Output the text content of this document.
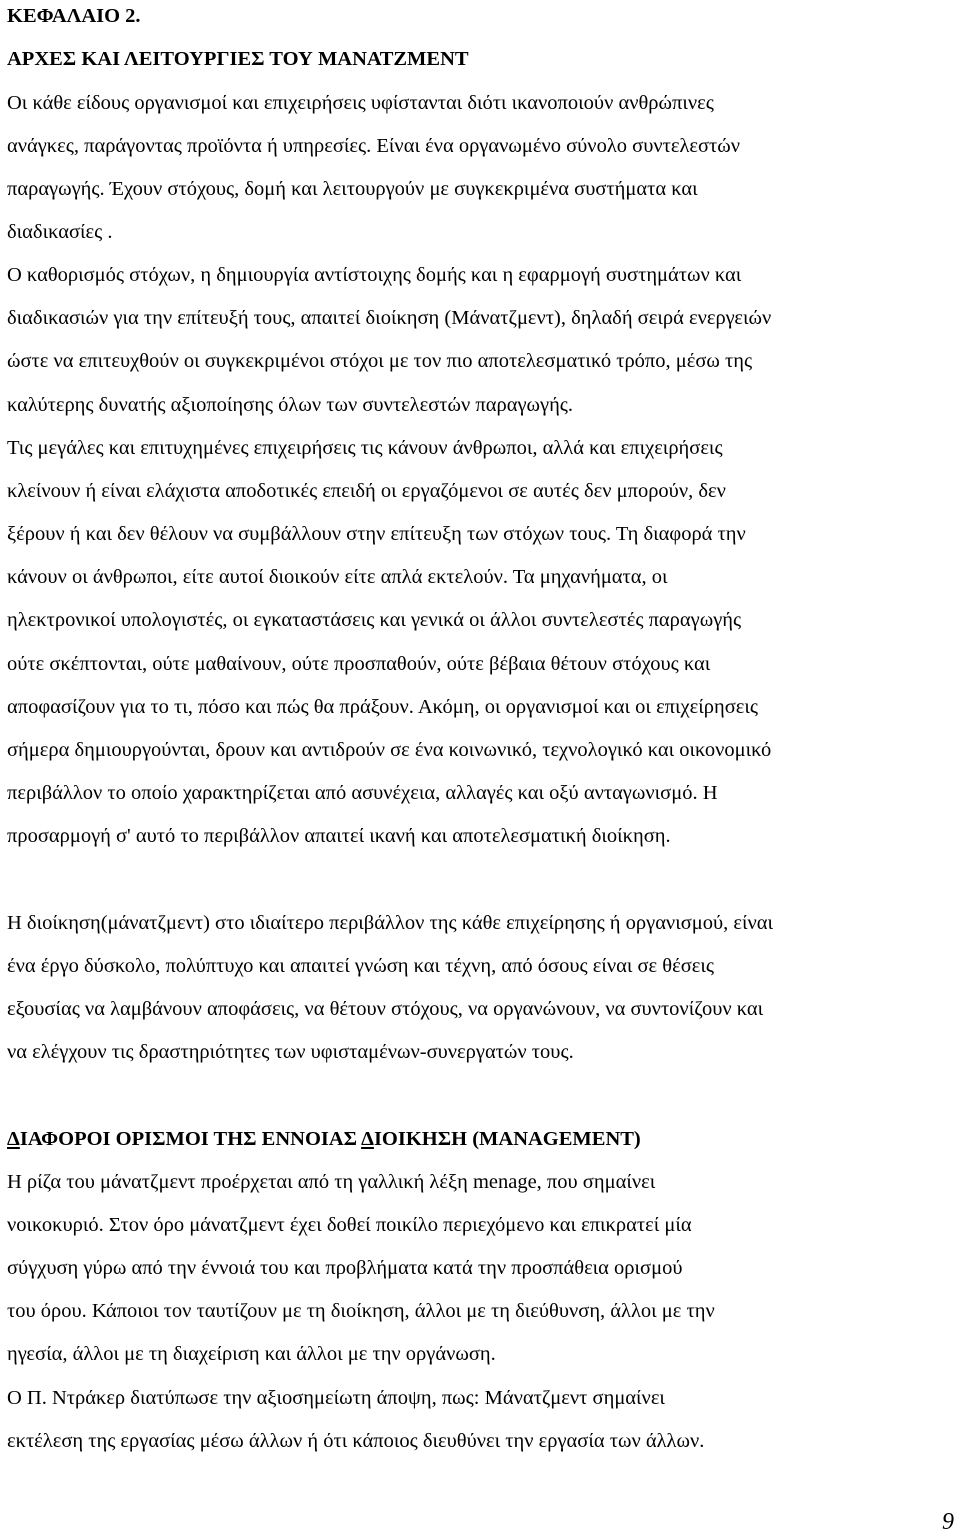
ΚΕΦΑΛΑΙΟ 2.
ΑΡΧΕΣ ΚΑΙ ΛΕΙΤΟΥΡΓΙΕΣ ΤΟΥ ΜΑΝΑΤΖΜΕΝΤ
Οι κάθε είδους οργανισμοί και επιχειρήσεις υφίστανται διότι ικανοποιούν ανθρώπινες
ανάγκες, παράγοντας προϊόντα ή υπηρεσίες. Είναι ένα οργανωμένο σύνολο συντελεστών
παραγωγής. Έχουν στόχους, δομή και λειτουργούν με συγκεκριμένα συστήματα και
διαδικασίες .
Ο καθορισμός στόχων, η δημιουργία αντίστοιχης δομής και η εφαρμογή συστημάτων και
διαδικασιών για την επίτευξή τους, απαιτεί διοίκηση (Μάνατζμεντ), δηλαδή σειρά ενεργειών
ώστε να επιτευχθούν οι συγκεκριμένοι στόχοι με τον πιο αποτελεσματικό τρόπο, μέσω της
καλύτερης δυνατής αξιοποίησης όλων των συντελεστών παραγωγής.
Τις μεγάλες και επιτυχημένες επιχειρήσεις τις κάνουν άνθρωποι, αλλά και επιχειρήσεις
κλείνουν ή είναι ελάχιστα αποδοτικές επειδή οι εργαζόμενοι σε αυτές δεν μπορούν, δεν
ξέρουν ή και δεν θέλουν να συμβάλλουν στην επίτευξη των στόχων τους. Τη διαφορά την
κάνουν οι άνθρωποι, είτε αυτοί διοικούν είτε απλά εκτελούν. Τα μηχανήματα, οι
ηλεκτρονικοί υπολογιστές, οι εγκαταστάσεις και γενικά οι άλλοι συντελεστές παραγωγής
ούτε σκέπτονται, ούτε μαθαίνουν, ούτε προσπαθούν, ούτε βέβαια θέτουν στόχους και
αποφασίζουν για το τι, πόσο και πώς θα πράξουν. Ακόμη, οι οργανισμοί και οι επιχείρησεις
σήμερα δημιουργούνται, δρουν και αντιδρούν σε ένα κοινωνικό, τεχνολογικό και οικονομικό
περιβάλλον το οποίο χαρακτηρίζεται από ασυνέχεια, αλλαγές και οξύ ανταγωνισμό. Η
προσαρμογή σ' αυτό το περιβάλλον απαιτεί ικανή και αποτελεσματική διοίκηση.
Η διοίκηση(μάνατζμεντ) στο ιδιαίτερο περιβάλλον της κάθε επιχείρησης ή οργανισμού, είναι
ένα έργο δύσκολο, πολύπτυχο και απαιτεί γνώση και τέχνη, από όσους είναι σε θέσεις
εξουσίας να λαμβάνουν αποφάσεις, να θέτουν στόχους, να οργανώνουν, να συντονίζουν και
να ελέγχουν τις δραστηριότητες των υφισταμένων-συνεργατών τους.
ΔΙΑΦΟΡΟΙ ΟΡΙΣΜΟΙ ΤΗΣ ΕΝΝΟΙΑΣ ΔΙΟΙΚΗΣΗ (MANAGEMENT)
Η ρίζα του μάνατζμεντ προέρχεται από τη γαλλική λέξη menage, που σημαίνει
νοικοκυριό. Στον όρο μάνατζμεντ έχει δοθεί ποικίλο περιεχόμενο και επικρατεί μία
σύγχυση γύρω από την έννοιά του και προβλήματα κατά την προσπάθεια ορισμού
του όρου. Κάποιοι τον ταυτίζουν με τη διοίκηση, άλλοι με τη διεύθυνση, άλλοι με την
ηγεσία, άλλοι με τη διαχείριση και άλλοι με την οργάνωση.
Ο Π. Ντράκερ διατύπωσε την αξιοσημείωτη άποψη, πως: Μάνατζμεντ σημαίνει
εκτέλεση της εργασίας μέσω άλλων ή ότι κάποιος διευθύνει την εργασία των άλλων.
9
